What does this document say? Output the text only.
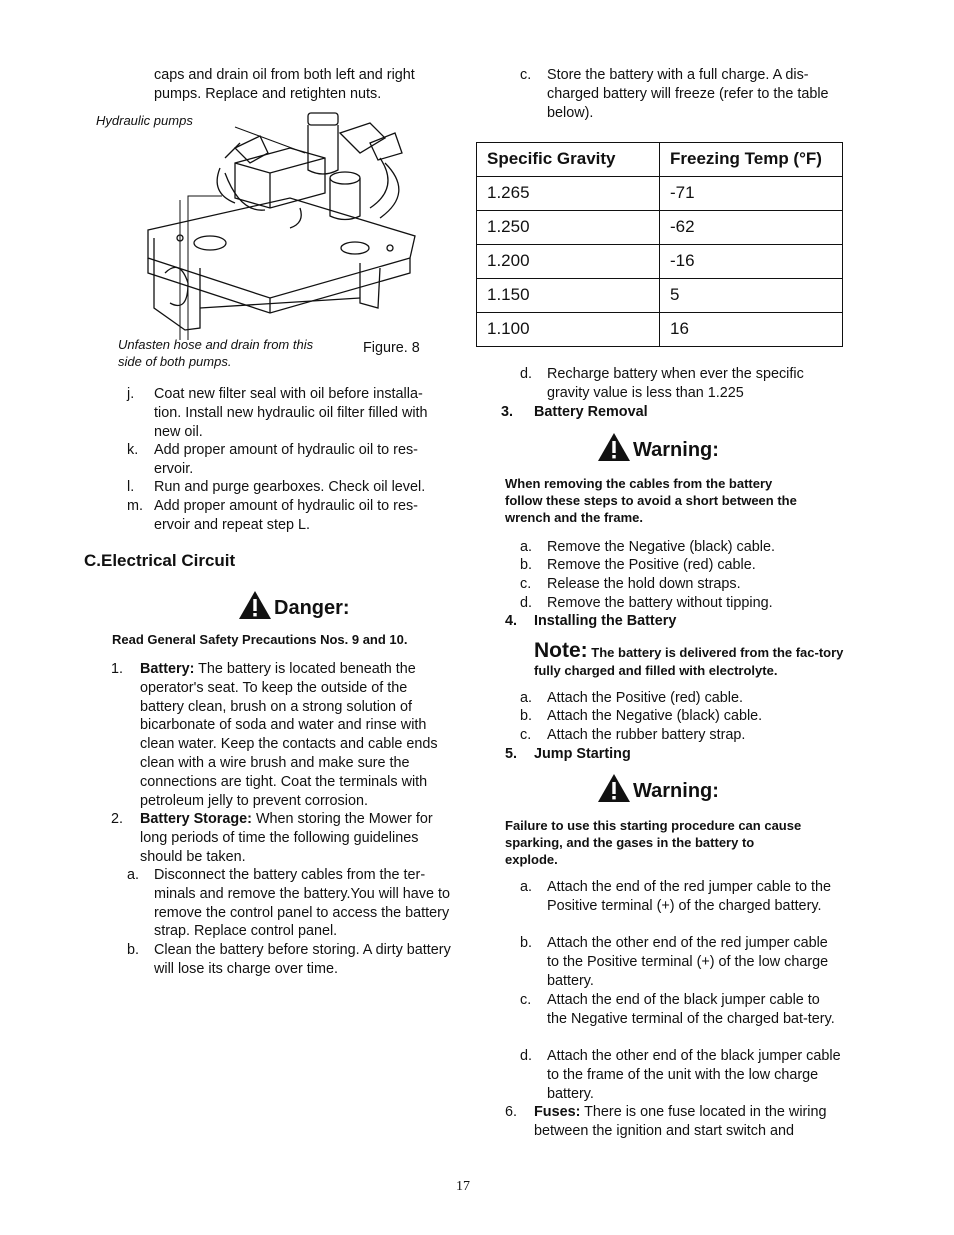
caps and drain oil from both left and right pumps. Replace and retighten nuts.
Hydraulic pumps
Unfasten hose and drain from this side of both pumps.
Figure. 8
j. Coat new filter seal with oil before installa-tion. Install new hydraulic oil filter filled with new oil.
k. Add proper amount of hydraulic oil to res-ervoir.
l. Run and purge gearboxes. Check oil level.
m. Add proper amount of hydraulic oil to res-ervoir and repeat step L.
C.Electrical Circuit
Danger:
Read General Safety Precautions Nos. 9 and 10.
1. Battery: The battery is located beneath the operator's seat. To keep the outside of the battery clean, brush on a strong solution of bicarbonate of soda and water and rinse with clean water. Keep the contacts and cable ends clean with a wire brush and make sure the connections are tight. Coat the terminals with petroleum jelly to prevent corrosion.
2. Battery Storage: When storing the Mower for long periods of time the following guidelines should be taken.
a. Disconnect the battery cables from the ter-minals and remove the battery.You will have to remove the control panel to access the battery strap. Replace control panel.
b. Clean the battery before storing. A dirty battery will lose its charge over time.
c. Store the battery with a full charge. A dis-charged battery will freeze (refer to the table below).
Specific Gravity	Freezing Temp (°F)
1.265	-71
1.250	-62
1.200	-16
1.150	5
1.100	16
d. Recharge battery when ever the specific gravity value is less than 1.225
3. Battery Removal
Warning:
When removing the cables from the battery follow these steps to avoid a short between the wrench and the frame.
a. Remove the Negative (black) cable.
b. Remove the Positive (red) cable.
c. Release the hold down straps.
d. Remove the battery without tipping.
4. Installing the Battery
Note: The battery is delivered from the fac-tory fully charged and filled with electrolyte.
a. Attach the Positive (red) cable.
b. Attach the Negative (black) cable.
c. Attach the rubber battery strap.
5. Jump Starting
Warning:
Failure to use this starting procedure can cause sparking, and the gases in the battery to explode.
a. Attach the end of the red jumper cable to the Positive terminal (+) of the charged battery.
b. Attach the other end of the red jumper cable to the Positive terminal (+) of the low charge battery.
c. Attach the end of the black jumper cable to the Negative terminal of the charged bat-tery.
d. Attach the other end of the black jumper cable to the frame of the unit with the low charge battery.
6. Fuses: There is one fuse located in the wiring between the ignition and start switch and
17
